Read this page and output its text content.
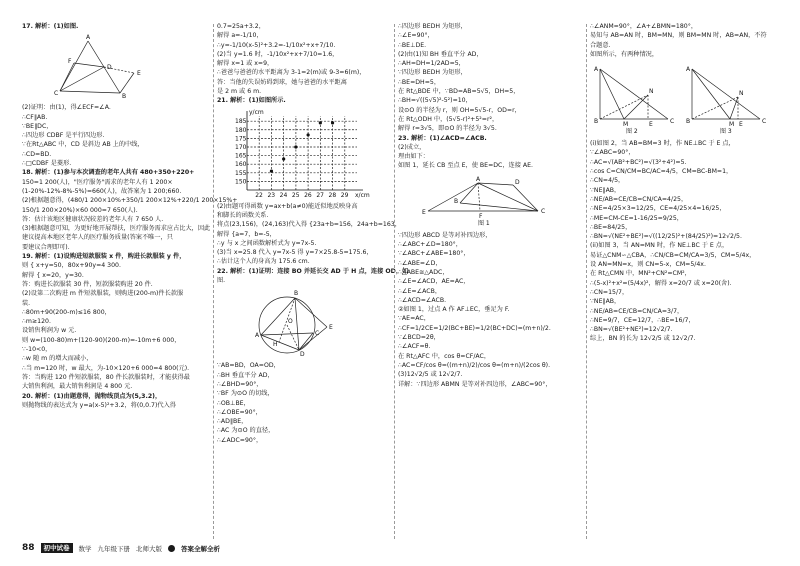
17. 解析：(1)如图.
A
B
C
D
E
F
(2)证明：由(1)，得∠ECF=∠A.
∴CF∥AB.
∵BE∥DC，
∴四边形 CDBF 是平行四边形.
∵在Rt△ABC 中，CD 是斜边 AB 上的中线，
∴CD=BD.
∴□CDBF 是菱形.
18. 解析：(1)参与本次调查的老年人共有 480+350+220+
150=1 200(人)，"医疗服务"需求的老年人有 1 200×
(1-20%-12%-8%-5%)=660(人)，故答案为 1 200;660.
(2)根据题意得，(480/1 200×10%+350/1 200×12%+220/1 200×15%+
150/1 200×20%)×60 000=7 650(人).
答：估计该地区健康状况较差的老年人有 7 650 人.
(3)根据题意可知，为更好地开展帮扶，医疗服务需求应占比大，因此
建议提高本地区老年人的医疗服务质量(答案不唯一，只
要建议合理即可).
19. 解析：(1)设购进短款服装 x 件，购进长款服装 y 件，
则 { x+y=50，80x+90y=4 300.
解得 { x=20，y=30.
答：购进长款服装 30 件，短款服装购进 20 件.
(2)设第二次购进 m 件短款服装，则购进(200-m)件长款服
装.
∴80m+90(200-m)≤16 800，
∴m≥120.
设销售利润为 w 元.
则 w=(100-80)m+(120-90)(200-m)=-10m+6 000，
∵-10<0，
∴w 随 m 的增大而减小，
∴当 m=120 时，w 最大，为-10×120+6 000=4 800(元).
答：当购进 120 件短款服装，80 件长款服装时，才能获得最
大销售利润，最大销售利润是 4 800 元.
20. 解析：(1)由题意得，抛物线顶点为(5,3.2)，
则抛物线的表达式为 y=a(x-5)²+3.2，将(0,0.7)代入得
0.7=25a+3.2，
解得 a=-1/10，
∴y=-1/10(x-5)²+3.2=-1/10x²+x+7/10.
(2)当 y=1.6 时，-1/10x²+x+7/10=1.6，
解得 x=1 或 x=9，
∴爸爸与爸爸的水平距离为 3-1=2(m)或 9-3=6(m)，
答：当他的失误妨碍到球，她与爸爸的水平距离
是 2 m 或 6 m.
21. 解析：(1)如图所示.
22 23 24 25 26 27 28 29
150
155
160
165
170
175
180
185
y/cm
x/cm
(2)由题可得函数 y=ax+b(a≠0)能近似地反映身高
和脚长的函数关系.
将点(23,156)，(24,163)代入得 {23a+b=156，24a+b=163，
解得 {a=7，b=-5，
∴y 与 x 之间函数解析式为 y=7x-5.
(3)当 x=25.8 代入 y=7x-5 得 y=7×25.8-5=175.6，
∴估计这个人的身高为 175.6 cm.
22. 解析：(1)证明：连接 BO 并延长交 AD 于 H 点，连接 OD，如
图.
A
B
C
D
E
O
H
∵AB=BD，OA=OD，
∴BH 垂直平分 AD，
∴∠BHD=90°，
∵BF 为⊙O 的切线，
∴OB⊥BE，
∴∠OBE=90°，
∴AD∥BE，
∴AC 为⊙O 的直径，
∴∠ADC=90°，
∴四边形 BEDH 为矩形，
∴∠E=90°，
∴BE⊥DE.
(2)由(1)知 BH 垂直平分 AD，
∴AH=DH=1/2AD=5，
∵四边形 BEDH 为矩形，
∴BE=DH=5，
在 Rt△BDE 中，∵BD=AB=5√5，DH=5，
∴BH=√((5√5)²-5²)=10，
设⊙O 的半径为 r，则 OH=5√5-r，OD=r，
在 Rt△ODH 中，(5√5-r)²+5²=r²，
解得 r=3√5，即⊙O 的半径为 3√5.
23. 解析：(1)∠ACD=∠ACB.
(2)成立，
理由如下：
如图 1，延长 CB 至点 E，使 BE=DC，连接 AE.
A
B
C
D
E
F
图 1
∵四边形 ABCD 是等对补四边形，
∴∠ABC+∠D=180°，
∵∠ABC+∠ABE=180°，
∴∠ABE=∠D，
∴△ABE≅△ADC，
∴∠E=∠ACD，AE=AC，
∴∠E=∠ACB，
∴∠ACD=∠ACB.
②如图 1，过点 A 作 AF⊥EC，垂足为 F.
∵AE=AC，
∴CF=1/2CE=1/2(BC+BE)=1/2(BC+DC)=(m+n)/2.
∵∠BCD=2θ，
∴∠ACF=θ.
在 Rt△AFC 中，cos θ=CF/AC，
∴AC=CF/cos θ=((m+n)/2)/cos θ=(m+n)/(2cos θ).
(3)12√2/5 或 12√2/7.
详解：∵四边形 ABMN 是等对补四边形，∠ABC=90°，
∴∠ANM=90°，∠A+∠BMN=180°，
易知与 AB=AN 时，BM=MN，则 BM=MN 时，AB=AN，不符
合题意.
如图所示，有两种情况，
A
B	C
M
N
E
A
B	C
M
N
E
图 2	图 3
(i)如图 2，当 AB=BM=3 时，作 NE⊥BC 于 E 点，
∵∠ABC=90°，
∴AC=√(AB²+BC²)=√(3²+4²)=5.
∴cos C=CN/CM=BC/AC=4/5，CM=BC-BM=1，
∴CN=4/5，
∵NE∥AB，
∴NE/AB=CE/CB=CN/CA=4/25，
∴NE=4/25×3=12/25，CE=4/25×4=16/25，
∴ME=CM-CE=1-16/25=9/25，
∴BE=84/25，
∴BN=√(NE²+BE²)=√((12/25)²+(84/25)²)=12√2/5.
(ii)如图 3，当 AN=MN 时，作 NE⊥BC 于 E 点，
易证△CNM∽△CBA，∴CN/CB=CM/CA=3/5，CM=5/4x，
设 AN=MN=x，则 CN=5-x，CM=5/4x.
在 Rt△CMN 中，MN²+CN²=CM²，
∴(5-x)²+x²=(5/4x)²，解得 x=20/7 或 x=20(舍).
∴CN=15/7，
∵NE∥AB，
∴NE/AB=CE/CB=CN/CA=3/7，
∴NE=9/7，CE=12/7，∴BE=16/7，
∴BN=√(BE²+NE²)=12√2/7.
综上，BN 的长为 12√2/5 或 12√2/7.
88	初中试卷	数学 九年级下册 北师大版	答案全解全析
